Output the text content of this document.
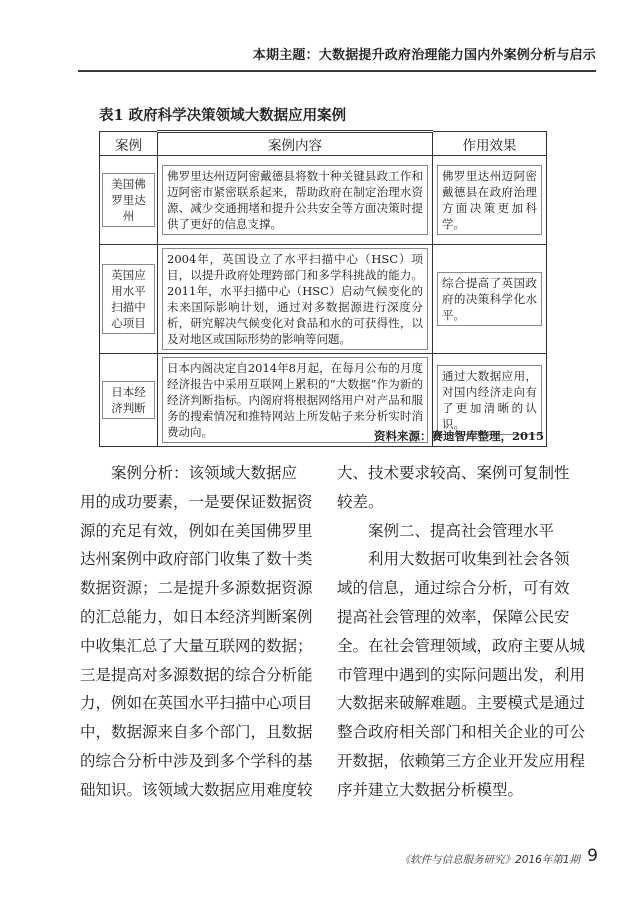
本期主题：大数据提升政府治理能力国内外案例分析与启示
表1 政府科学决策领域大数据应用案例
案例	案例内容	作用效果

美国佛罗里达州	佛罗里达州迈阿密戴德县将数十种关键县政工作和迈阿密市紧密联系起来，帮助政府在制定治理水资源、减少交通拥堵和提升公共安全等方面决策时提供了更好的信息支撑。	佛罗里达州迈阿密戴德县在政府治理方面决策更加科学。

英国应用水平扫描中心项目	2004年，英国设立了水平扫描中心（HSC）项目，以提升政府处理跨部门和多学科挑战的能力。2011年，水平扫描中心（HSC）启动气候变化的未来国际影响计划，通过对多数据源进行深度分析，研究解决气候变化对食品和水的可获得性，以及对地区或国际形势的影响等问题。	综合提高了英国政府的决策科学化水平。

日本经济判断	日本内阁决定自2014年8月起，在每月公布的月度经济报告中采用互联网上累积的“大数据”作为新的经济判断指标。内阁府将根据网络用户对产品和服务的搜索情况和推特网站上所发帖子来分析实时消费动向。	通过大数据应用，对国内经济走向有了更加清晰的认识。
资料来源：赛迪智库整理，2015
案例分析：该领域大数据应
用的成功要素，一是要保证数据资
源的充足有效，例如在美国佛罗里
达州案例中政府部门收集了数十类
数据资源；二是提升多源数据资源
的汇总能力，如日本经济判断案例
中收集汇总了大量互联网的数据；
三是提高对多源数据的综合分析能
力，例如在英国水平扫描中心项目
中，数据源来自多个部门，且数据
的综合分析中涉及到多个学科的基
础知识。该领域大数据应用难度较
大、技术要求较高、案例可复制性
较差。
案例二、提高社会管理水平
利用大数据可收集到社会各领
域的信息，通过综合分析，可有效
提高社会管理的效率，保障公民安
全。在社会管理领域，政府主要从城
市管理中遇到的实际问题出发，利用
大数据来破解难题。主要模式是通过
整合政府相关部门和相关企业的可公
开数据，依赖第三方企业开发应用程
序并建立大数据分析模型。
《软件与信息服务研究》2016年第1期 9
